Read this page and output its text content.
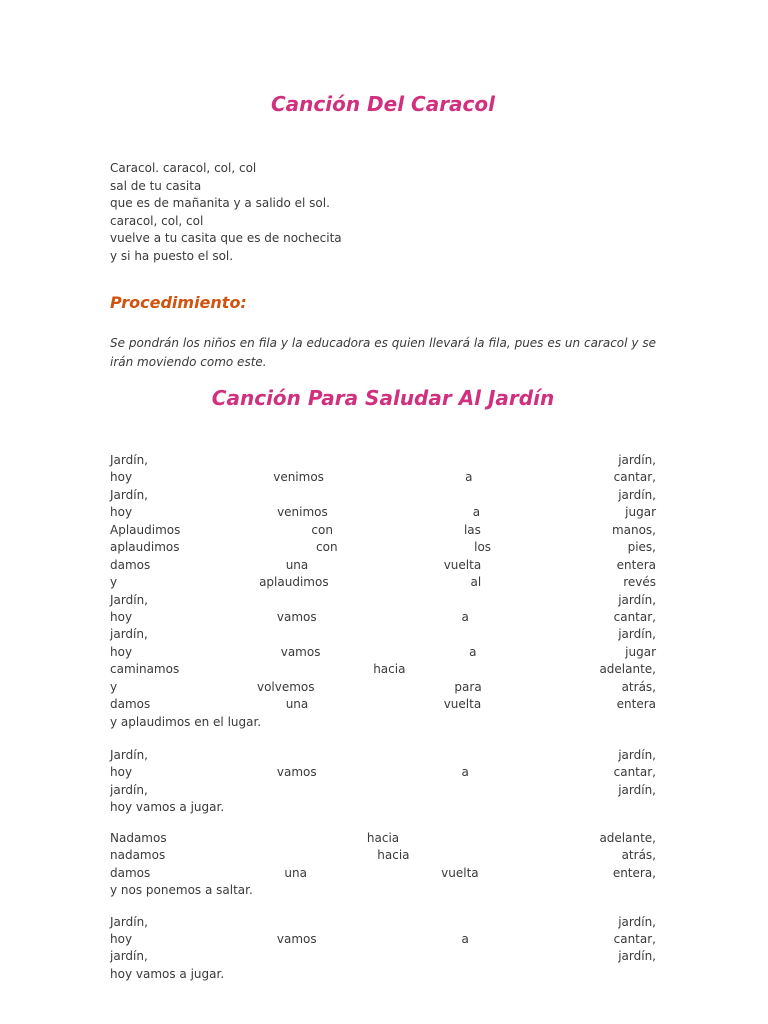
Canción Del Caracol
Caracol. caracol, col, col
sal de tu casita
que es de mañanita y a salido el sol.
caracol, col, col
vuelve a tu casita que es de nochecita
y si ha puesto el sol.
Procedimiento:

Se pondrán los niños en fila y la educadora es quien llevará la fila, pues es un caracol y se irán moviendo como este.

Canción Para Saludar Al Jardín
Jardín,	jardín,
hoy	venimos	a	cantar,
Jardín,	jardín,
hoy	venimos	a	jugar
Aplaudimos	con	las	manos,
aplaudimos	con	los	pies,
damos	una	vuelta	entera
y	aplaudimos	al	revés
Jardín,	jardín,
hoy	vamos	a	cantar,
jardín,	jardín,
hoy	vamos	a	jugar
caminamos	hacia	adelante,
y	volvemos	para	atrás,
damos	una	vuelta	entera
y aplaudimos en el lugar.
Jardín,	jardín,
hoy	vamos	a	cantar,
jardín,	jardín,
hoy vamos a jugar.
Nadamos	hacia	adelante,
nadamos	hacia	atrás,
damos	una	vuelta	entera,
y nos ponemos a saltar.
Jardín,	jardín,
hoy	vamos	a	cantar,
jardín,	jardín,
hoy vamos a jugar.
